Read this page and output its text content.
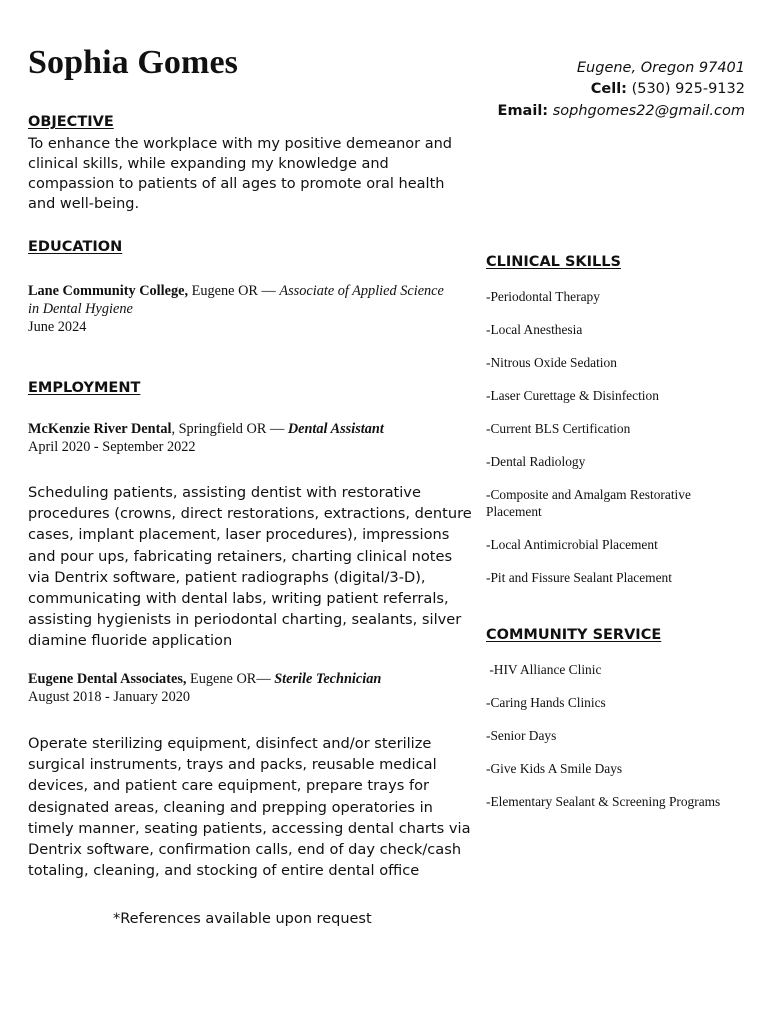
Sophia Gomes	Eugene, Oregon 97401
Cell: (530) 925-9132
Email: sophgomes22@gmail.com
OBJECTIVE
To enhance the workplace with my positive demeanor and clinical skills, while expanding my knowledge and compassion to patients of all ages to promote oral health and well-being.
EDUCATION
Lane Community College, Eugene OR — Associate of Applied Science in Dental Hygiene
June 2024
EMPLOYMENT
McKenzie River Dental, Springfield OR — Dental Assistant
April 2020 - September 2022
Scheduling patients, assisting dentist with restorative procedures (crowns, direct restorations, extractions, denture cases, implant placement, laser procedures), impressions and pour ups, fabricating retainers, charting clinical notes via Dentrix software, patient radiographs (digital/3-D), communicating with dental labs, writing patient referrals, assisting hygienists in periodontal charting, sealants, silver diamine fluoride application
Eugene Dental Associates, Eugene OR— Sterile Technician
August 2018 - January 2020
Operate sterilizing equipment, disinfect and/or sterilize surgical instruments, trays and packs, reusable medical devices, and patient care equipment, prepare trays for designated areas, cleaning and prepping operatories in timely manner, seating patients, accessing dental charts via Dentrix software, confirmation calls, end of day check/cash totaling, cleaning, and stocking of entire dental office
*References available upon request
CLINICAL SKILLS
-Periodontal Therapy
-Local Anesthesia
-Nitrous Oxide Sedation
-Laser Curettage & Disinfection
-Current BLS Certification
-Dental Radiology
-Composite and Amalgam Restorative Placement
-Local Antimicrobial Placement
-Pit and Fissure Sealant Placement
COMMUNITY SERVICE
-HIV Alliance Clinic
-Caring Hands Clinics
-Senior Days
-Give Kids A Smile Days
-Elementary Sealant & Screening Programs
